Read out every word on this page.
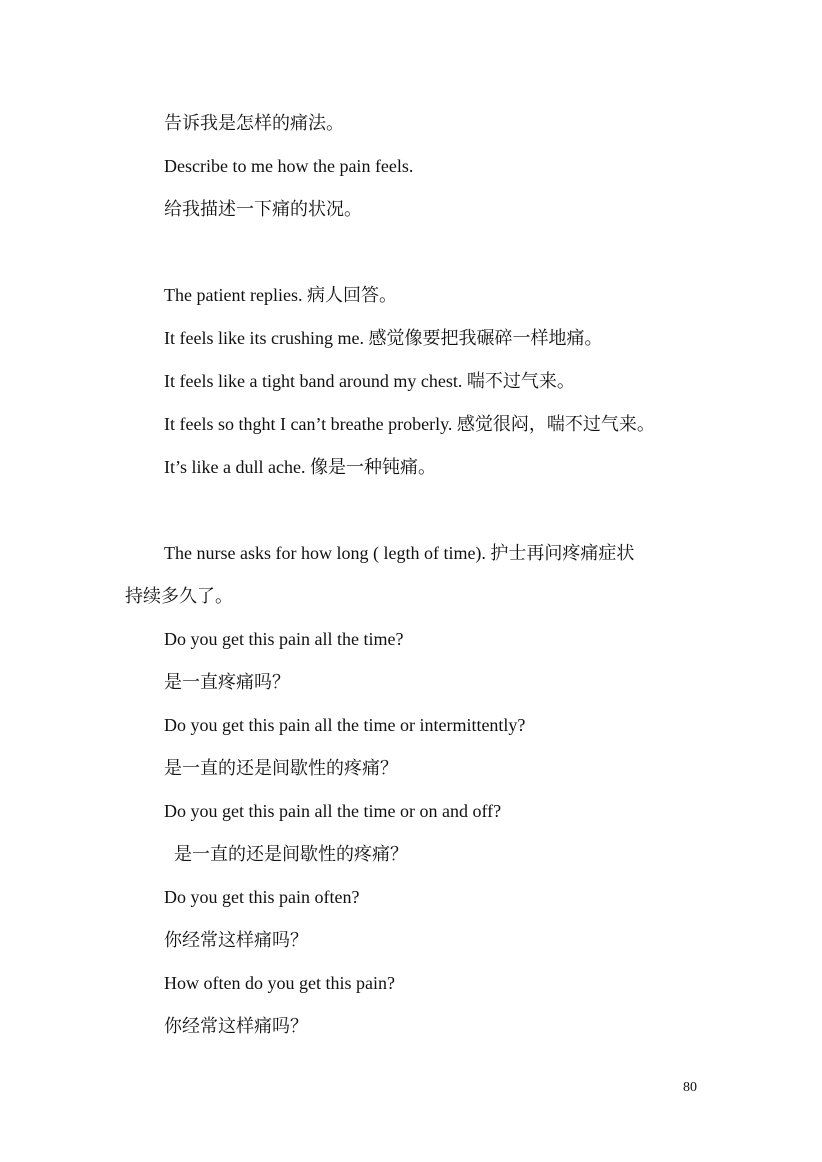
告诉我是怎样的痛法。
Describe to me how the pain feels.
给我描述一下痛的状况。
The patient replies. 病人回答。
It feels like its crushing me. 感觉像要把我碾碎一样地痛。
It feels like a tight band around my chest. 喘不过气来。
It feels so thght I can’t breathe proberly. 感觉很闷，喘不过气来。
It’s like a dull ache. 像是一种钝痛。
The nurse asks for how long ( legth of time). 护士再问疼痛症状
持续多久了。
Do you get this pain all the time?
是一直疼痛吗？
Do you get this pain all the time or intermittently?
是一直的还是间歇性的疼痛？
Do you get this pain all the time or on and off?
是一直的还是间歇性的疼痛？
Do you get this pain often?
你经常这样痛吗？
How often do you get this pain?
你经常这样痛吗？
80
